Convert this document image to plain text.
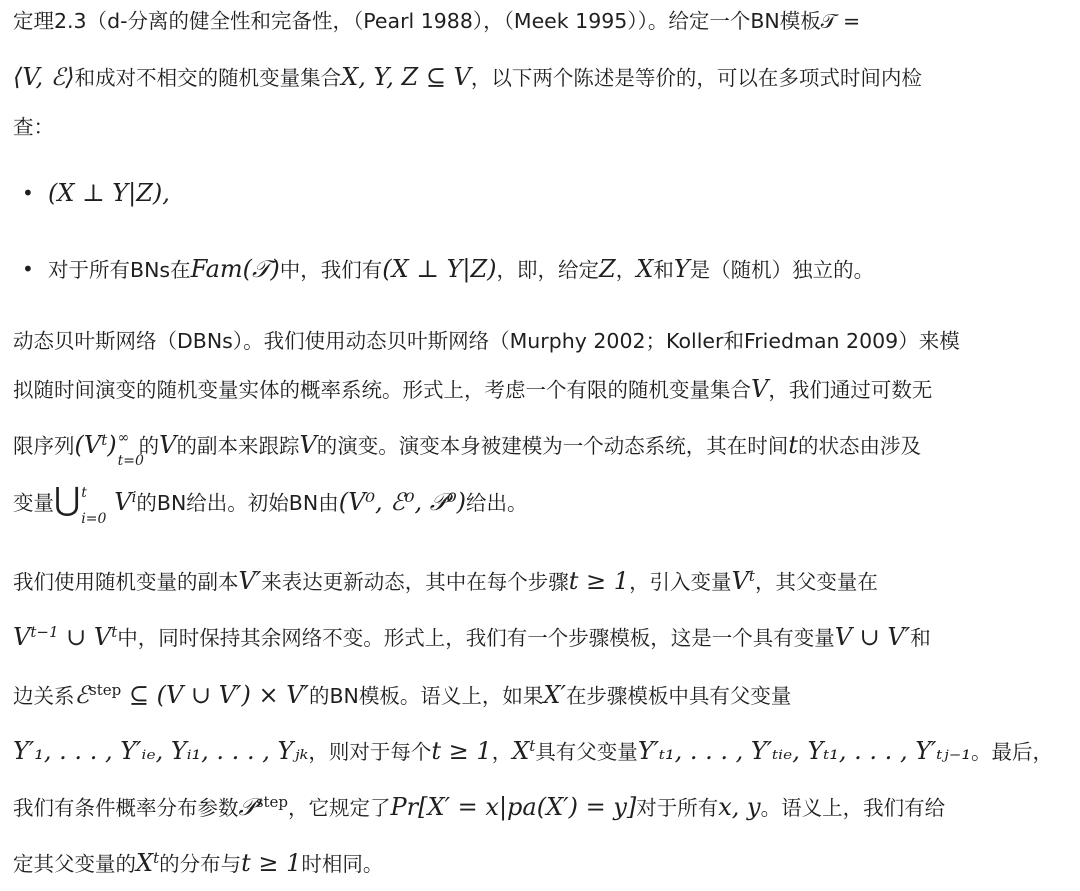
定理2.3（d-分离的健全性和完备性，（Pearl 1988），（Meek 1995））。给定一个BN模板𝒯 =
⟨V, ℰ⟩和成对不相交的随机变量集合X, Y, Z ⊆ V，以下两个陈述是等价的，可以在多项式时间内检
查：
• (X ⊥ Y|Z),
• 对于所有BNs在Fam(𝒯)中，我们有(X ⊥ Y|Z)，即，给定Z，X和Y是（随机）独立的。
动态贝叶斯网络（DBNs）。我们使用动态贝叶斯网络（Murphy 2002；Koller和Friedman 2009）来模
拟随时间演变的随机变量实体的概率系统。形式上，考虑一个有限的随机变量集合V，我们通过可数无
限序列$(V^t)$ ∞
t=0
的V的副本来跟踪V的演变。演变本身被建模为一个动态系统，其在时间t的状态由涉及
变量⋃ t
i=0
$V^i$的BN给出。初始BN由(V⁰, ℰ⁰, 𝒫⁰)给出。
我们使用随机变量的副本V′来表达更新动态，其中在每个步骤t ≥ 1，引入变量$V^t$，其父变量在
$V^{t-1}$ ∪ $V^t$中，同时保持其余网络不变。形式上，我们有一个步骤模板，这是一个具有变量V ∪ V′和
边关系ℰ$^{step}$ ⊆ (V ∪ V′) × V′的BN模板。语义上，如果X′在步骤模板中具有父变量
Y′₁, . . . , Y′ᵢₑ, Yᵢ₁, . . . , Yⱼₖ，则对于每个t ≥ 1，$X^t$具有父变量Y′ₜ₁, . . . , Y′ₜᵢₑ, Yₜ₁, . . . , Y′ₜⱼ₋₁。最后，
我们有条件概率分布参数𝒫$^{step}$，它规定了Pr[X′ = x|pa(X′) = y]对于所有x, y。语义上，我们有给
定其父变量的$X^t$的分布与t ≥ 1时相同。
